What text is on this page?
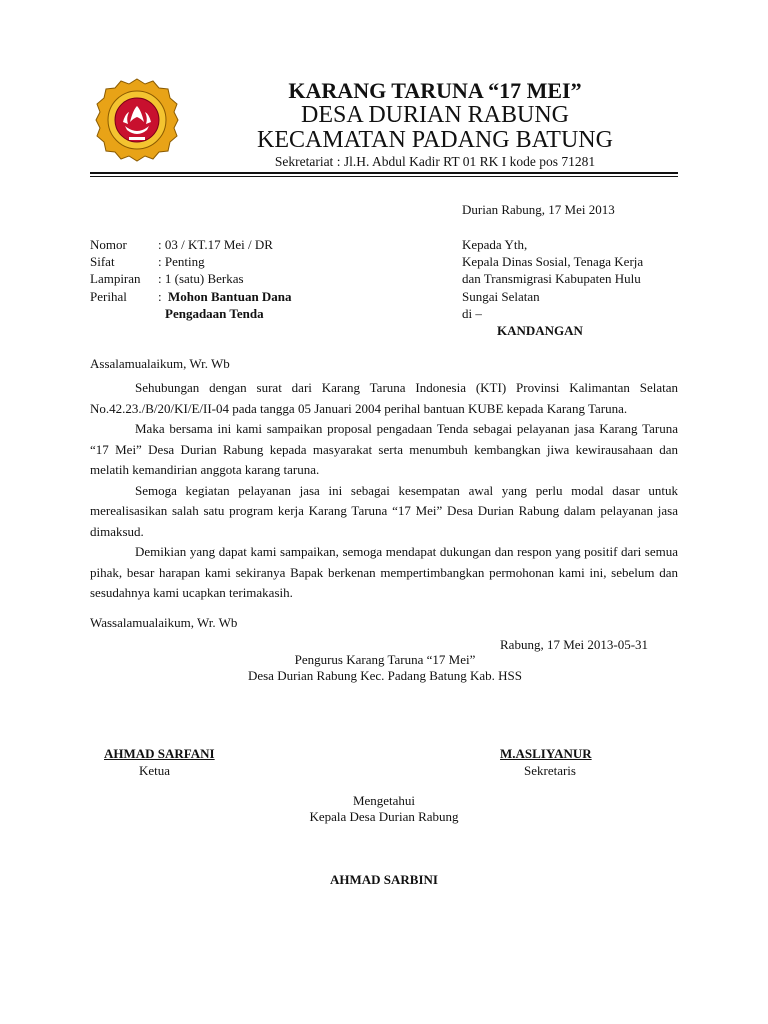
KARANG TARUNA “17 MEI”
DESA DURIAN RABUNG
KECAMATAN PADANG BATUNG
Sekretariat : Jl.H. Abdul Kadir RT 01 RK I kode pos 71281
Durian Rabung, 17 Mei 2013
Nomor : 03 / KT.17 Mei / DR
Sifat	: Penting
Lampiran : 1 (satu) Berkas
Perihal : Mohon Bantuan Dana
Pengadaan Tenda
Kepada Yth,
Kepala Dinas Sosial, Tenaga Kerja
dan Transmigrasi Kabupaten Hulu
Sungai Selatan
di –
KANDANGAN
Assalamualaikum, Wr. Wb

Sehubungan dengan surat dari Karang Taruna Indonesia (KTI) Provinsi Kalimantan Selatan No.42.23./B/20/KI/E/II-04 pada tangga 05 Januari 2004 perihal bantuan KUBE kepada Karang Taruna.

Maka bersama ini kami sampaikan proposal pengadaan Tenda sebagai pelayanan jasa Karang Taruna “17 Mei” Desa Durian Rabung kepada masyarakat serta menumbuh kembangkan jiwa kewirausahaan dan melatih kemandirian anggota karang taruna.

Semoga kegiatan pelayanan jasa ini sebagai kesempatan awal yang perlu modal dasar untuk merealisasikan salah satu program kerja Karang Taruna “17 Mei” Desa Durian Rabung dalam pelayanan jasa dimaksud.

Demikian yang dapat kami sampaikan, semoga mendapat dukungan dan respon yang positif dari semua pihak, besar harapan kami sekiranya Bapak berkenan mempertimbangkan permohonan kami ini, sebelum dan sesudahnya kami ucapkan terimakasih.

Wassalamualaikum, Wr. Wb
Rabung, 17 Mei 2013-05-31
Pengurus Karang Taruna “17 Mei”
Desa Durian Rabung Kec. Padang Batung Kab. HSS
AHMAD SARFANI
Ketua
M.ASLIYANUR
Sekretaris
Mengetahui
Kepala Desa Durian Rabung
AHMAD SARBINI
